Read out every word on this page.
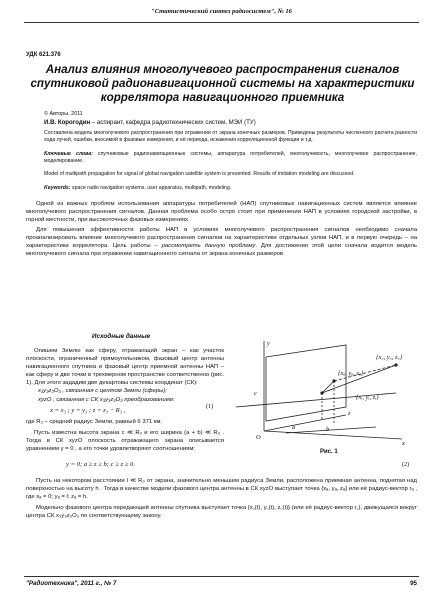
"Статистический синтез радиосистем", № 16
УДК 621.376
Анализ влияния многолучевого распространения сигналов спутниковой радионавигационной системы на характеристики коррелятора навигационного приемника
© Авторы, 2011
И.В. Корогодин – аспирант, кафедра радиотехнических систем, МЭИ (ТУ)
Составлена модель многолучевого распространения при отражении от экрана конечных размеров. Приведены результаты численного расчета разности хода лучей, ошибки, вносимой в фазовые измерения, и её периода, искажения корреляционной функции и т.д.
Ключевые слова: спутниковые радионавигационные системы, аппаратура потребителей, многолучевость, многолучевое распространение, моделирование.
Model of multipath propagation for signal of global navigation satellite system is presented. Results of imitation modeling are discussed.
Keywords: space radio navigation systems, user apparatus, multipath, modeling.
Одной из важных проблем использования аппаратуры потребителей (НАП) спутниковых навигационных систем является влияние многолучевого распространения сигналов. Данная проблема особо остро стоит при применении НАП в условиях городской застройки, в горной местности, при высокоточных фазовых измерениях.
Для повышения эффективности работы НАП в условиях многолучевого распространения сигналов необходимо сначала проанализировать влияние многолучевого распространения сигналов на характеристики отдельных узлов НАП, и в первую очередь – на характеристики коррелятора. Цель работы – рассмотреть данную проблему. Для достижения этой цели сначала водится модель многолучевого сигнала при отражении навигационного сигнала от экрана конечных размеров
Исходные данные
Опишем Землю как сферу, отражающий экран – как участок плоскости, ограниченный прямоугольником, фазовый центр антенны навигационного спутника и фазовый центр приемной антенны НАП – как сферу и две точки в трехмерном пространстве соответственно (рис. 1). Для этого зададим две декартовы системы координат (СК):
x₃y₃z₃O₃ , связанная с центом Земли (сферы);
xyzO , связанная с СК x₃y₃z₃O₃ преобразованием:
x = x₃ ; y = y₃ ; z = z₃ − R₃ ,
(1)
где R₃ – средний радиус Земли, равный 6 371 км.
Пусть известна высота экрана c ≪ R₃ и его ширина (a + b) ≪ R₃ . Тогда в СК xyzO плоскость отражающего экрана описывается уравнением y = 0 , а его точки удовлетворяют соотношениям:
{x꜀, y꜀, z꜀}
{xₐ, yₐ, zₐ}
{xᵢ, yᵢ, zᵢ}
y
x
z
a	b
c
O
Рис. 1
y = 0; a ≥ z ≥ b; c ≥ z ≥ 0.	(2)
Пусть на некотором расстоянии l ≪ R₃ от экрана, значительно меньшем радиуса Земли, расположена приемная антенна, поднятая над поверхностью на высоту h . Тогда в качестве модели фазового центра антенны в СК xyzO выступает точка {xₐ, yₐ, zₐ} или её радиус-вектор rₐ , где xₐ = 0; yₐ = l; zₐ = h.
Модельно фазового центра передающей антенны спутника выступает точка {x꜀(t), y꜀(t), z꜀(t)} (или её радиус-вектор r꜀), движущаяся вокруг центра СК x₃y₃z₃O₃ по соответствующему закону.
"Радиотехника", 2011 г., № 7	95
